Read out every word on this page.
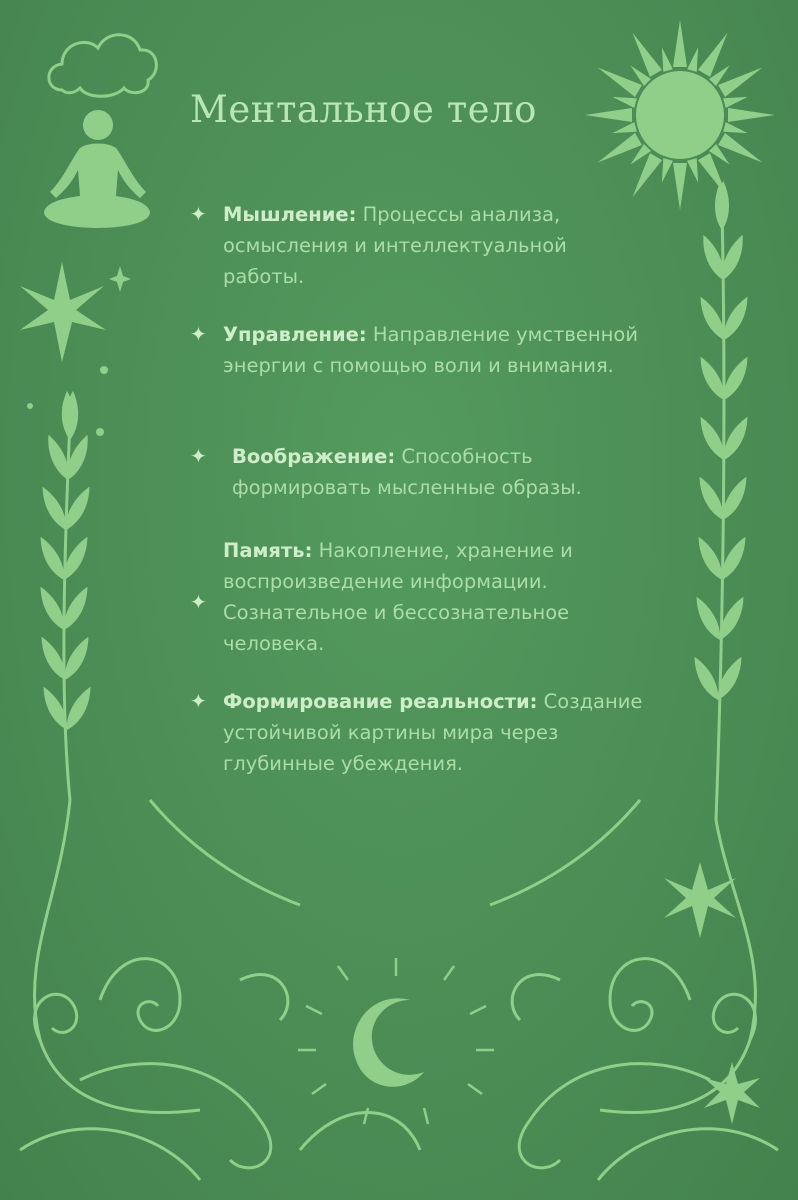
Ментальное тело
✦ Мышление: Процессы анализа, осмысления и интеллектуальной работы.
✦ Управление: Направление умственной энергии с помощью воли и внимания.
✦ Воображение: Способность формировать мысленные образы.
✦
Память: Накопление, хранение и воспроизведение информации. Сознательное и бессознательное человека.
✦ Формирование реальности: Создание устойчивой картины мира через глубинные убеждения.
